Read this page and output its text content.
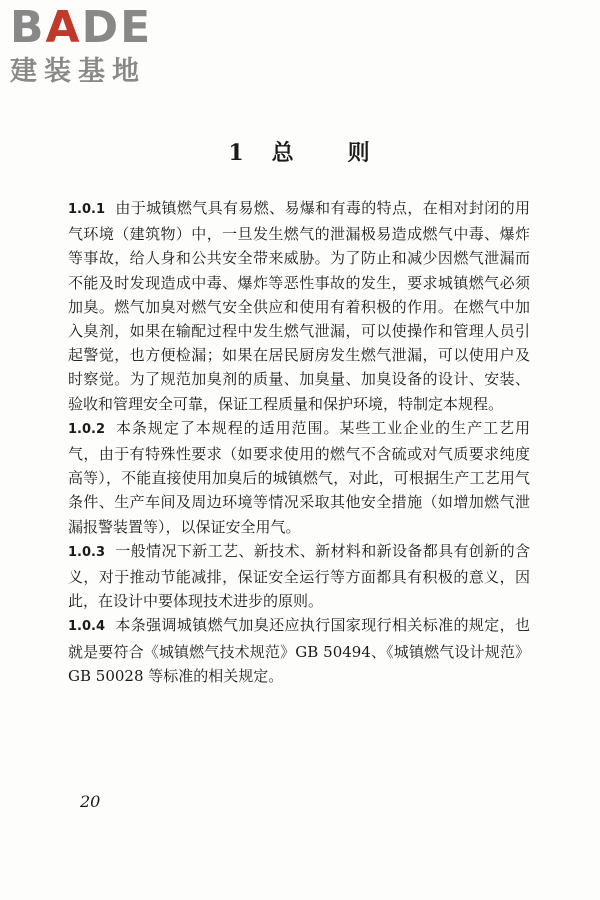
B A D E
建装基地
1 总 则

1.0.1 由于城镇燃气具有易燃、易爆和有毒的特点，在相对封闭的用气环境（建筑物）中，一旦发生燃气的泄漏极易造成燃气中毒、爆炸等事故，给人身和公共安全带来威胁。为了防止和减少因燃气泄漏而不能及时发现造成中毒、爆炸等恶性事故的发生，要求城镇燃气必须加臭。燃气加臭对燃气安全供应和使用有着积极的作用。在燃气中加入臭剂，如果在输配过程中发生燃气泄漏，可以使操作和管理人员引起警觉，也方便检漏；如果在居民厨房发生燃气泄漏，可以使用户及时察觉。为了规范加臭剂的质量、加臭量、加臭设备的设计、安装、验收和管理安全可靠，保证工程质量和保护环境，特制定本规程。

1.0.2 本条规定了本规程的适用范围。某些工业企业的生产工艺用气，由于有特殊性要求（如要求使用的燃气不含硫或对气质要求纯度高等），不能直接使用加臭后的城镇燃气，对此，可根据生产工艺用气条件、生产车间及周边环境等情况采取其他安全措施（如增加燃气泄漏报警装置等），以保证安全用气。

1.0.3 一般情况下新工艺、新技术、新材料和新设备都具有创新的含义，对于推动节能减排，保证安全运行等方面都具有积极的意义，因此，在设计中要体现技术进步的原则。

1.0.4 本条强调城镇燃气加臭还应执行国家现行相关标准的规定，也就是要符合《城镇燃气技术规范》GB 50494、《城镇燃气设计规范》GB 50028 等标准的相关规定。

20
